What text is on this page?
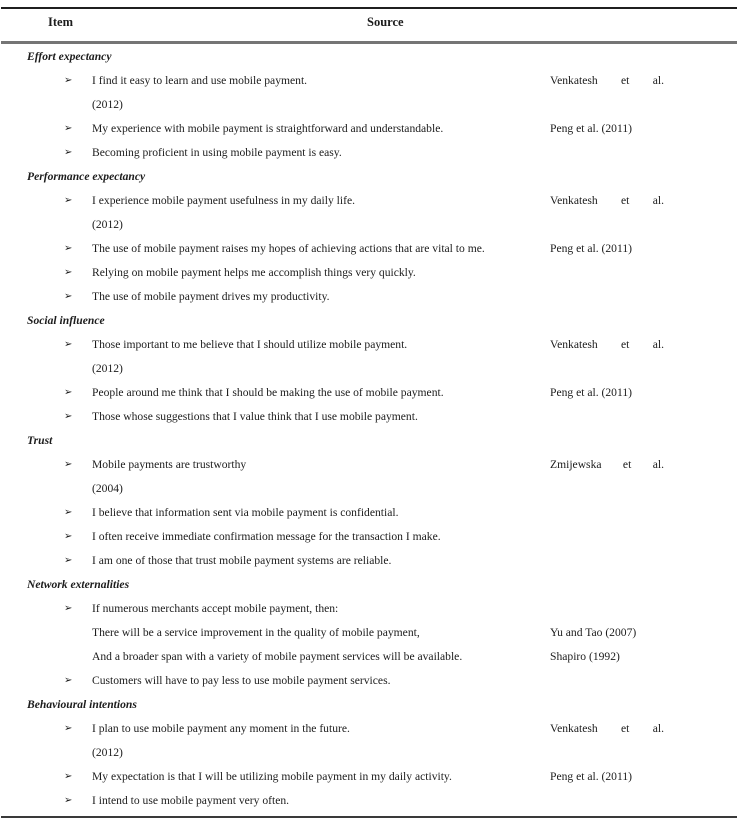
Item	Source
Effort expectancy
➢	I find it easy to learn and use mobile payment.	Venkatesh et al.
(2012)
➢	My experience with mobile payment is straightforward and understandable.	Peng et al. (2011)
➢	Becoming proficient in using mobile payment is easy.
Performance expectancy
➢	I experience mobile payment usefulness in my daily life.	Venkatesh et al.
(2012)
➢	The use of mobile payment raises my hopes of achieving actions that are vital to me.	Peng et al. (2011)
➢	Relying on mobile payment helps me accomplish things very quickly.
➢	The use of mobile payment drives my productivity.
Social influence
➢	Those important to me believe that I should utilize mobile payment.	Venkatesh et al.
(2012)
➢	People around me think that I should be making the use of mobile payment.	Peng et al. (2011)
➢	Those whose suggestions that I value think that I use mobile payment.
Trust
➢	Mobile payments are trustworthy	Zmijewska et al.
(2004)
➢	I believe that information sent via mobile payment is confidential.
➢	I often receive immediate confirmation message for the transaction I make.
➢	I am one of those that trust mobile payment systems are reliable.
Network externalities
➢	If numerous merchants accept mobile payment, then:
There will be a service improvement in the quality of mobile payment,	Yu and Tao (2007)
And a broader span with a variety of mobile payment services will be available.	Shapiro (1992)
➢	Customers will have to pay less to use mobile payment services.
Behavioural intentions
➢	I plan to use mobile payment any moment in the future.	Venkatesh et al.
(2012)
➢	My expectation is that I will be utilizing mobile payment in my daily activity.	Peng et al. (2011)
➢	I intend to use mobile payment very often.
